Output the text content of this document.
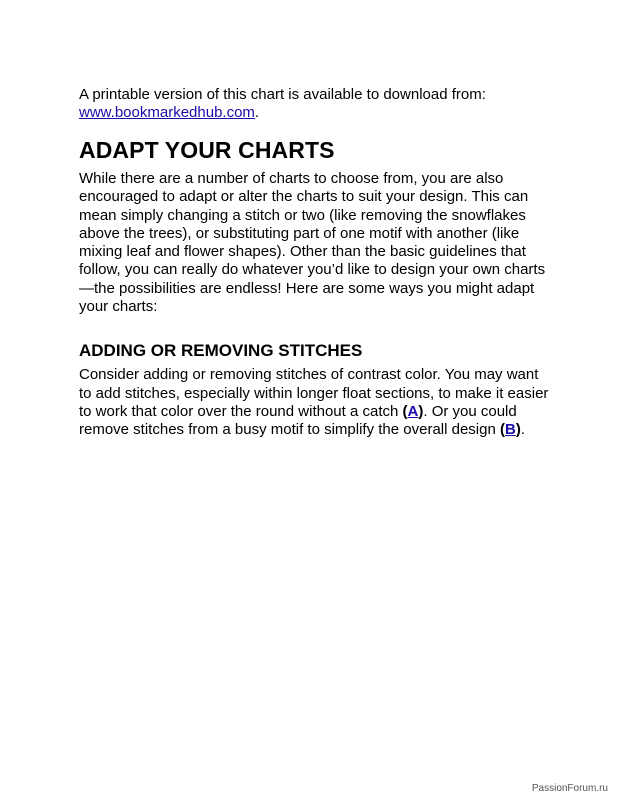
A printable version of this chart is available to download from: www.bookmarkedhub.com.

ADAPT YOUR CHARTS

While there are a number of charts to choose from, you are also encouraged to adapt or alter the charts to suit your design. This can mean simply changing a stitch or two (like removing the snowflakes above the trees), or substituting part of one motif with another (like mixing leaf and flower shapes). Other than the basic guidelines that follow, you can really do whatever you’d like to design your own charts—the possibilities are endless! Here are some ways you might adapt your charts:

ADDING OR REMOVING STITCHES

Consider adding or removing stitches of contrast color. You may want to add stitches, especially within longer float sections, to make it easier to work that color over the round without a catch (A). Or you could remove stitches from a busy motif to simplify the overall design (B).

PassionForum.ru
